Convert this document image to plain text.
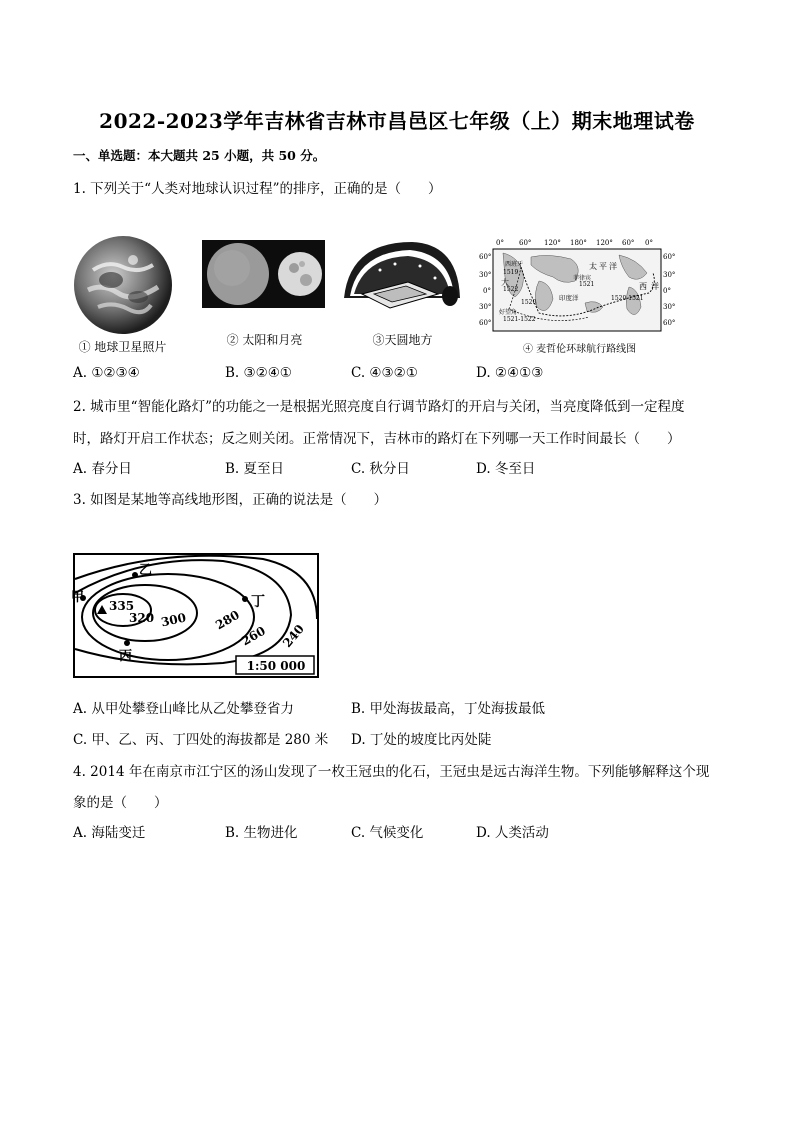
2022-2023学年吉林省吉林市昌邑区七年级（上）期末地理试卷
一、单选题：本大题共 25 小题，共 50 分。
1. 下列关于“人类对地球认识过程”的排序，正确的是（　　）
① 地球卫星照片	② 太阳和月亮	③天圆地方
0° 60° 120° 180° 120° 60° 0°
60°
30°
0°
30°
60°
60°
30°
0°
30°
60°
太 平 洋
大	西 洋
印度洋
西班牙
1519
1522
菲律宾
1521
1520
好望角
1521-1522
1520-1521
④ 麦哲伦环球航行路线图
A. ①②③④	B. ③②④①	C. ④③②①	D. ②④①③
2. 城市里“智能化路灯”的功能之一是根据光照亮度自行调节路灯的开启与关闭，当亮度降低到一定程度
时，路灯开启工作状态；反之则关闭。正常情况下，吉林市的路灯在下列哪一天工作时间最长（　　）
A. 春分日	B. 夏至日	C. 秋分日	D. 冬至日
3. 如图是某地等高线地形图，正确的说法是（　　）
335
320 300 280
260 240
甲
乙
丙
丁
1:50 000
A. 从甲处攀登山峰比从乙处攀登省力	B. 甲处海拔最高，丁处海拔最低
C. 甲、乙、丙、丁四处的海拔都是 280 米 D. 丁处的坡度比丙处陡
4. 2014 年在南京市江宁区的汤山发现了一枚王冠虫的化石，王冠虫是远古海洋生物。下列能够解释这个现
象的是（　　）
A. 海陆变迁	B. 生物进化	C. 气候变化	D. 人类活动
